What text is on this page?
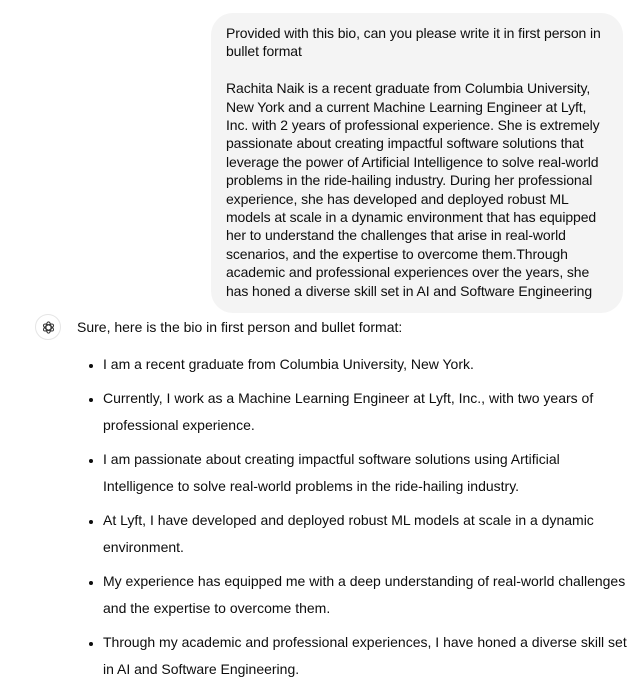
Provided with this bio, can you please write it in first person in bullet format

Rachita Naik is a recent graduate from Columbia University, New York and a current Machine Learning Engineer at Lyft, Inc. with 2 years of professional experience. She is extremely passionate about creating impactful software solutions that leverage the power of Artificial Intelligence to solve real-world problems in the ride-hailing industry. During her professional experience, she has developed and deployed robust ML models at scale in a dynamic environment that has equipped her to understand the challenges that arise in real-world scenarios, and the expertise to overcome them.Through academic and professional experiences over the years, she has honed a diverse skill set in AI and Software Engineering

Sure, here is the bio in first person and bullet format:

• I am a recent graduate from Columbia University, New York.
• Currently, I work as a Machine Learning Engineer at Lyft, Inc., with two years of professional experience.
• I am passionate about creating impactful software solutions using Artificial Intelligence to solve real-world problems in the ride-hailing industry.
• At Lyft, I have developed and deployed robust ML models at scale in a dynamic environment.
• My experience has equipped me with a deep understanding of real-world challenges and the expertise to overcome them.
• Through my academic and professional experiences, I have honed a diverse skill set in AI and Software Engineering.
